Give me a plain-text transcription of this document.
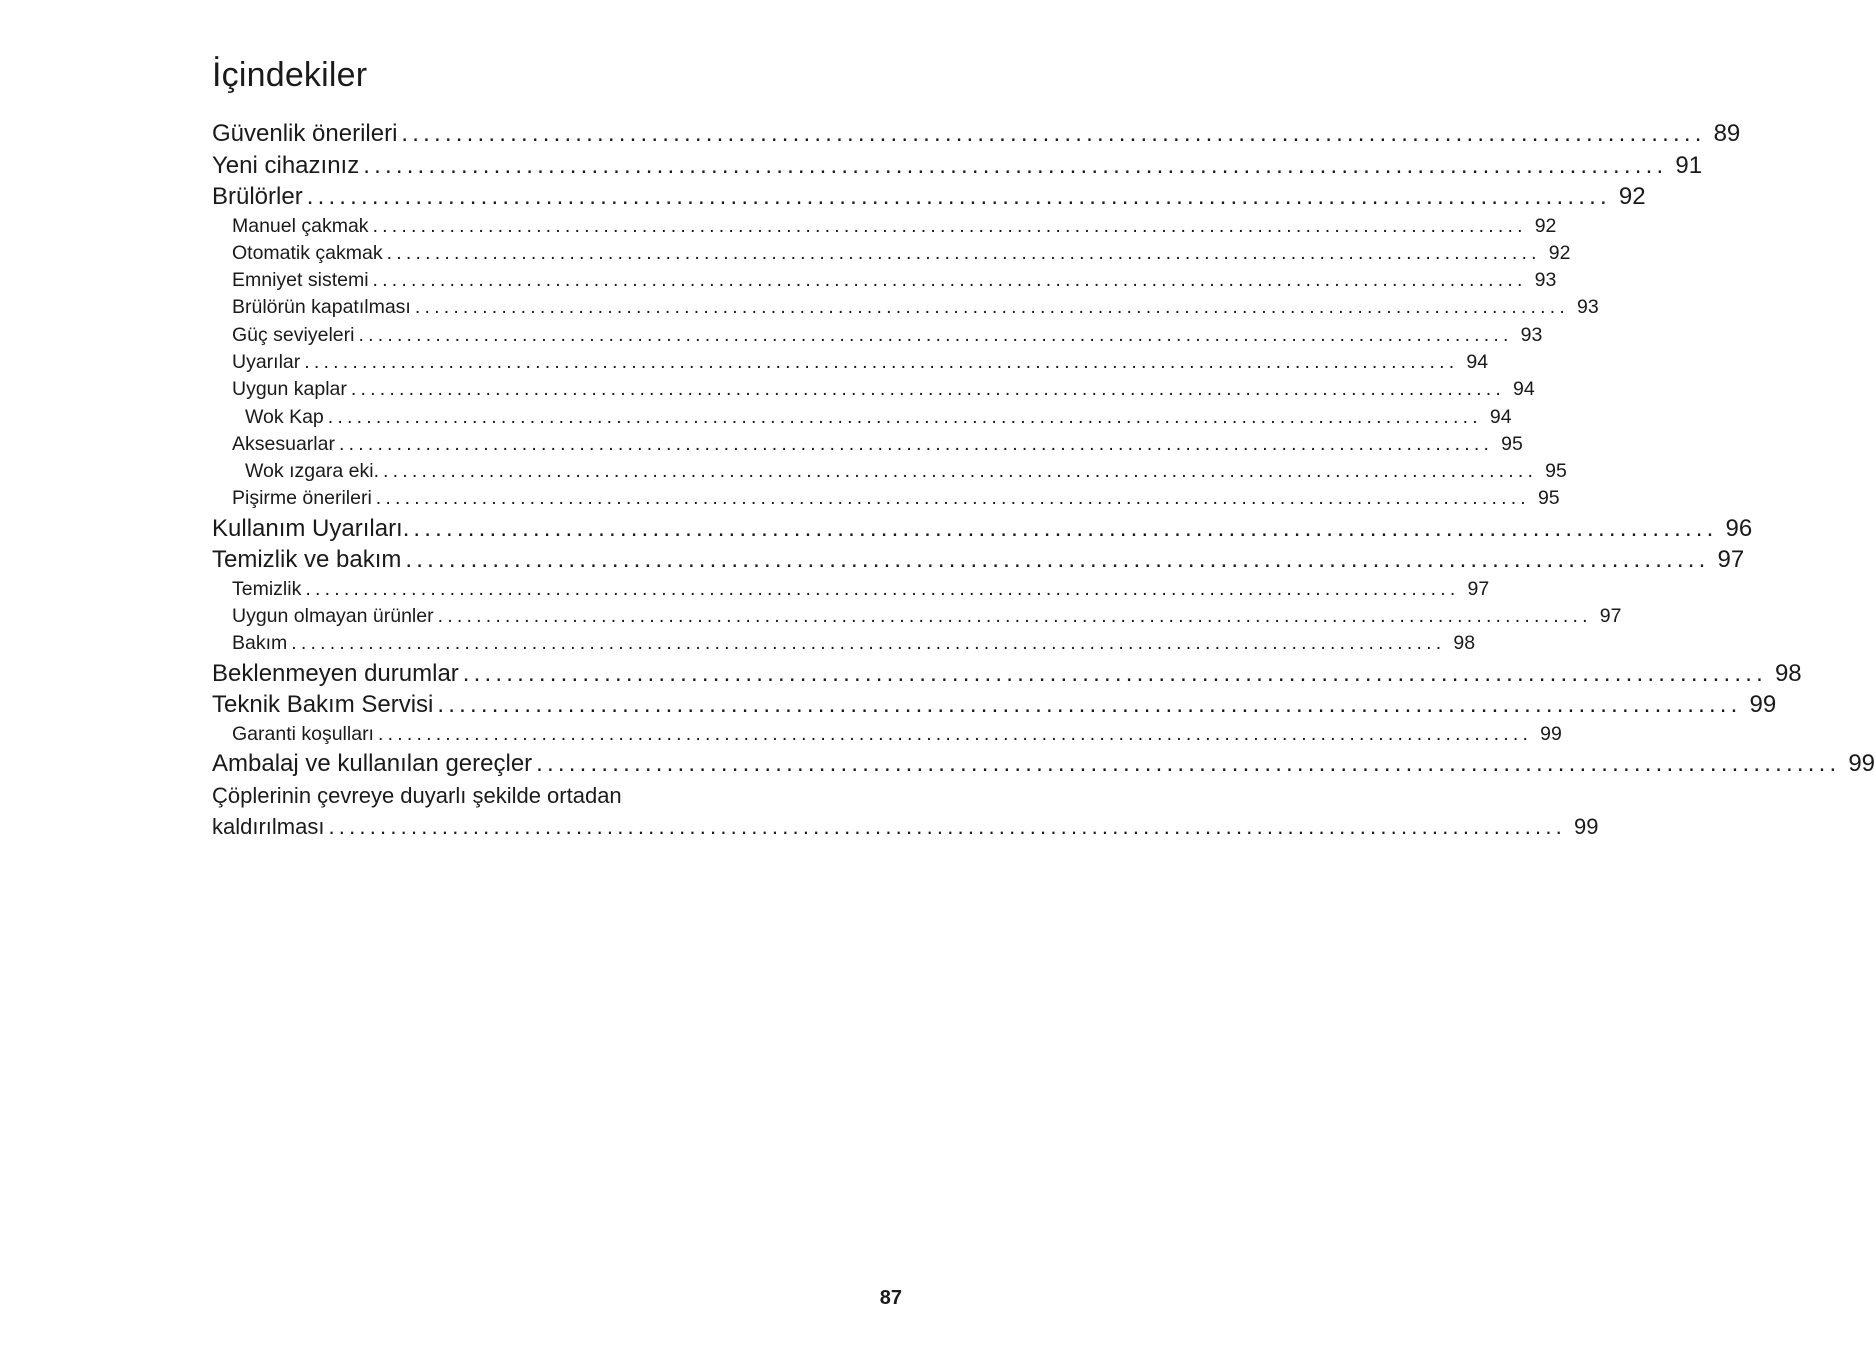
İçindekiler
Güvenlik önerileri ........................................................................................................................ 89
Yeni cihazınız ........................................................................................................................ 91
Brülörler ........................................................................................................................ 92
Manuel çakmak ........................................................................................................................ 92
Otomatik çakmak ........................................................................................................................ 92
Emniyet sistemi ........................................................................................................................ 93
Brülörün kapatılması ........................................................................................................................ 93
Güç seviyeleri ........................................................................................................................ 93
Uyarılar ........................................................................................................................ 94
Uygun kaplar ........................................................................................................................ 94
Wok Kap ........................................................................................................................ 94
Aksesuarlar ........................................................................................................................ 95
Wok ızgara eki. ........................................................................................................................ 95
Pişirme önerileri ........................................................................................................................ 95
Kullanım Uyarıları. ........................................................................................................................ 96
Temizlik ve bakım ........................................................................................................................ 97
Temizlik ........................................................................................................................ 97
Uygun olmayan ürünler ........................................................................................................................ 97
Bakım ........................................................................................................................ 98
Beklenmeyen durumlar ........................................................................................................................ 98
Teknik Bakım Servisi ........................................................................................................................ 99
Garanti koşulları ........................................................................................................................ 99
Ambalaj ve kullanılan gereçler ........................................................................................................................ 99
Çöplerinin çevreye duyarlı şekilde ortadan
kaldırılması ........................................................................................................................ 99
87
